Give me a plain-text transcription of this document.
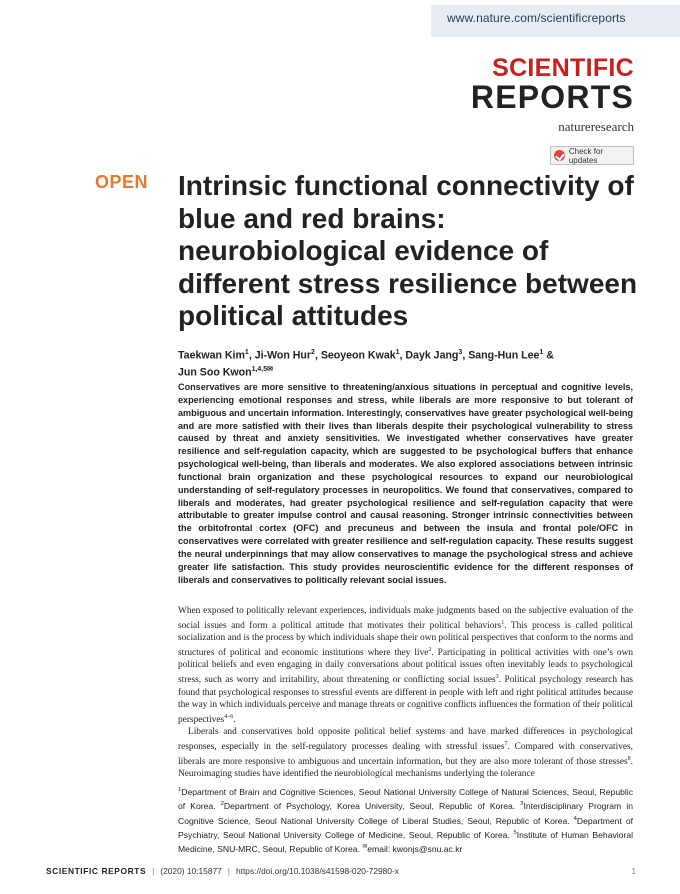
www.nature.com/scientificreports
SCIENTIFIC
REPORTS
natureresearch
Check for updates
OPEN Intrinsic functional connectivity of blue and red brains: neurobiological evidence of different stress resilience between political attitudes
Taekwan Kim$^1$, Ji-Won Hur$^2$, Seoyeon Kwak$^1$, Dayk Jang$^3$, Sang-Hun Lee$^1$ &
Jun Soo Kwon$^{1,4,5✉}$
Conservatives are more sensitive to threatening/anxious situations in perceptual and cognitive levels, experiencing emotional responses and stress, while liberals are more responsive to but tolerant of ambiguous and uncertain information. Interestingly, conservatives have greater psychological well-being and are more satisfied with their lives than liberals despite their psychological vulnerability to stress caused by threat and anxiety sensitivities. We investigated whether conservatives have greater resilience and self-regulation capacity, which are suggested to be psychological buffers that enhance psychological well-being, than liberals and moderates. We also explored associations between intrinsic functional brain organization and these psychological resources to expand our neurobiological understanding of self-regulatory processes in neuropolitics. We found that conservatives, compared to liberals and moderates, had greater psychological resilience and self-regulation capacity that were attributable to greater impulse control and causal reasoning. Stronger intrinsic connectivities between the orbitofrontal cortex (OFC) and precuneus and between the insula and frontal pole/OFC in conservatives were correlated with greater resilience and self-regulation capacity. These results suggest the neural underpinnings that may allow conservatives to manage the psychological stress and achieve greater life satisfaction. This study provides neuroscientific evidence for the different responses of liberals and conservatives to politically relevant social issues.

When exposed to politically relevant experiences, individuals make judgments based on the subjective evaluation of the social issues and form a political attitude that motivates their political behaviors$^1$. This process is called political socialization and is the process by which individuals shape their own political perspectives that conform to the norms and structures of political and economic institutions where they live$^2$. Participating in political activities with one’s own political beliefs and even engaging in daily conversations about political issues often inevitably leads to psychological stress, such as worry and irritability, about threatening or conflicting social issues$^3$. Political psychology research has found that psychological responses to stressful events are different in people with left and right political attitudes because the way in which individuals perceive and manage threats or cognitive conflicts influences the formation of their political perspectives$^{4-6}$.

Liberals and conservatives hold opposite political belief systems and have marked differences in psychological responses, especially in the self-regulatory processes dealing with stressful issues$^7$. Compared with conservatives, liberals are more responsive to ambiguous and uncertain information, but they are also more tolerant of those stresses$^8$. Neuroimaging studies have identified the neurobiological mechanisms underlying the tolerance

$^1$Department of Brain and Cognitive Sciences, Seoul National University College of Natural Sciences, Seoul, Republic of Korea. $^2$Department of Psychology, Korea University, Seoul, Republic of Korea. $^3$Interdisciplinary Program in Cognitive Science, Seoul National University College of Liberal Studies, Seoul, Republic of Korea. $^4$Department of Psychiatry, Seoul National University College of Medicine, Seoul, Republic of Korea. $^5$Institute of Human Behavioral Medicine, SNU-MRC, Seoul, Republic of Korea. ✉email: kwonjs@snu.ac.kr
SCIENTIFIC REPORTS | (2020) 10:15877 | https://doi.org/10.1038/s41598-020-72980-x	1
